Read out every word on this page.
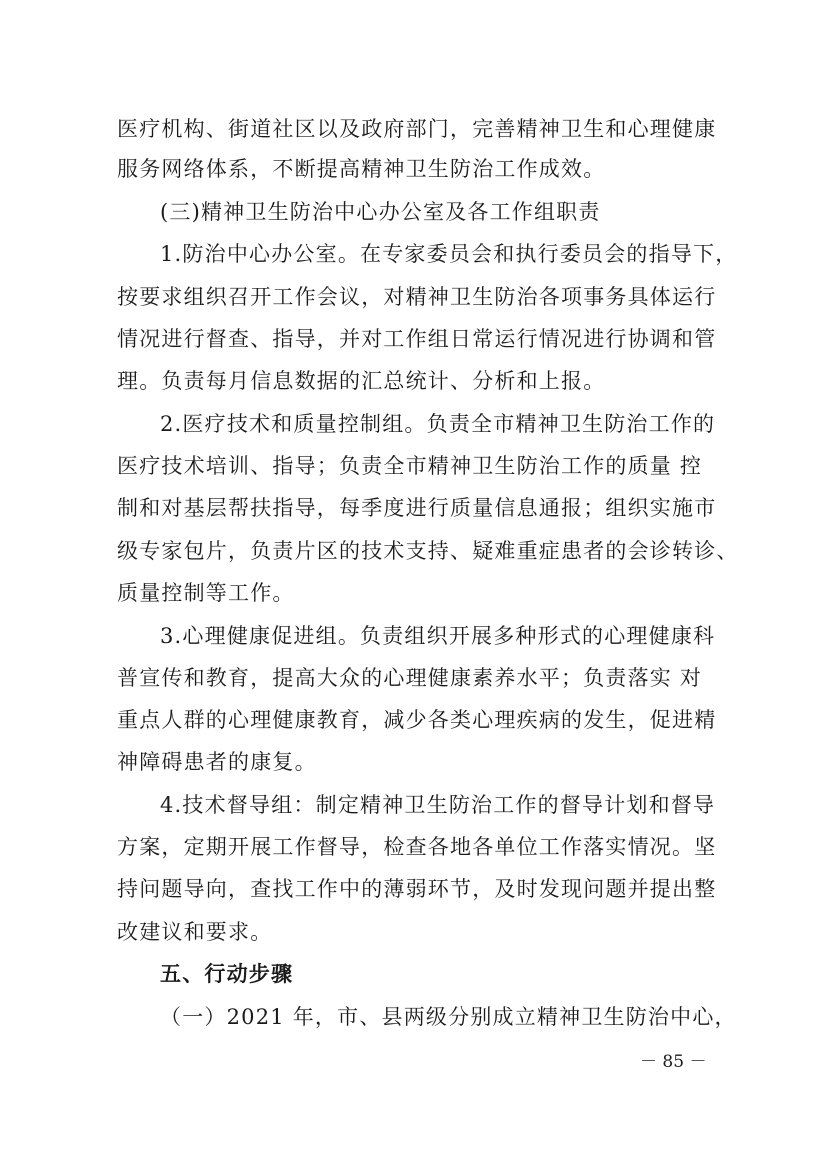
医疗机构、街道社区以及政府部门，完善精神卫生和心理健康
服务网络体系，不断提高精神卫生防治工作成效。
(三)精神卫生防治中心办公室及各工作组职责
1.防治中心办公室。在专家委员会和执行委员会的指导下，
按要求组织召开工作会议，对精神卫生防治各项事务具体运行
情况进行督查、指导，并对工作组日常运行情况进行协调和管
理。负责每月信息数据的汇总统计、分析和上报。
2.医疗技术和质量控制组。负责全市精神卫生防治工作的
医疗技术培训、指导；负责全市精神卫生防治工作的质量 控
制和对基层帮扶指导，每季度进行质量信息通报；组织实施市
级专家包片，负责片区的技术支持、疑难重症患者的会诊转诊、
质量控制等工作。
3.心理健康促进组。负责组织开展多种形式的心理健康科
普宣传和教育，提高大众的心理健康素养水平；负责落实 对
重点人群的心理健康教育，减少各类心理疾病的发生，促进精
神障碍患者的康复。
4.技术督导组：制定精神卫生防治工作的督导计划和督导
方案，定期开展工作督导，检查各地各单位工作落实情况。坚
持问题导向，查找工作中的薄弱环节，及时发现问题并提出整
改建议和要求。
五、行动步骤
（一）2021 年，市、县两级分别成立精神卫生防治中心，
－ 85 －
